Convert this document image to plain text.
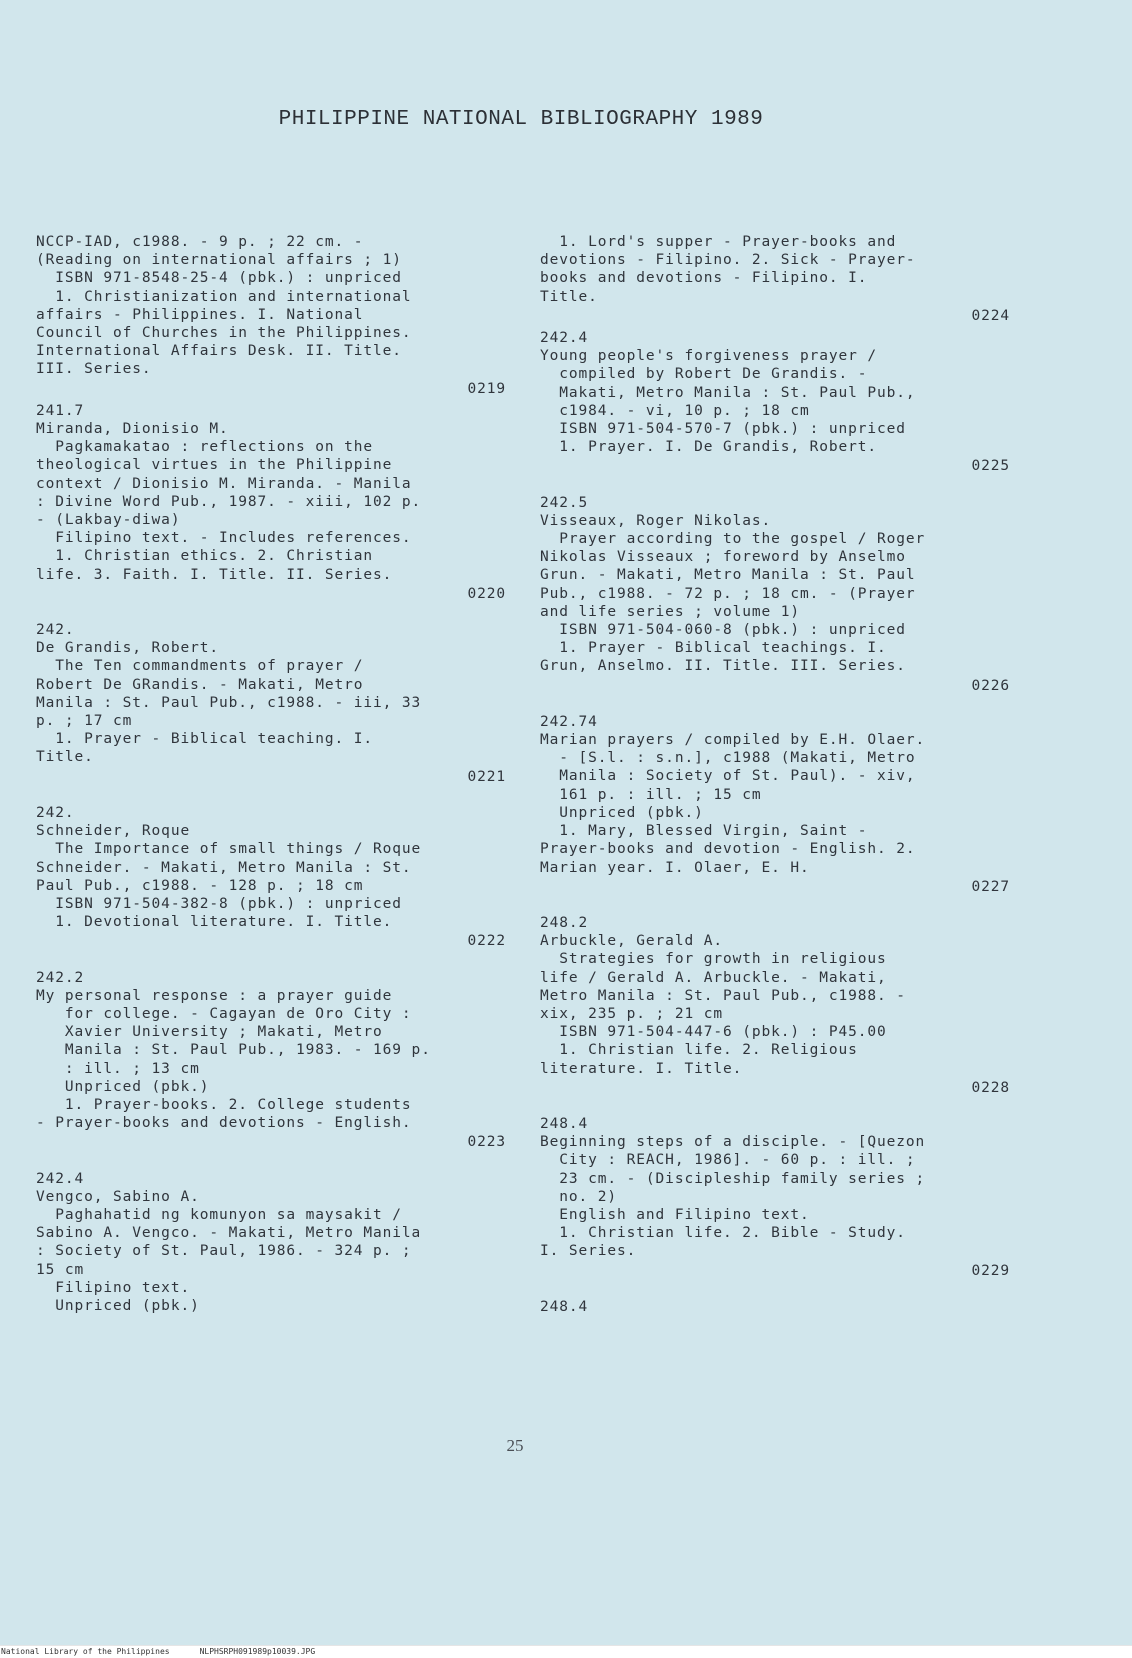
PHILIPPINE NATIONAL BIBLIOGRAPHY 1989
NCCP-IAD, c1988. - 9 p. ; 22 cm. -
(Reading on international affairs ; 1)
ISBN 971-8548-25-4 (pbk.) : unpriced
1. Christianization and international
affairs - Philippines. I. National
Council of Churches in the Philippines.
International Affairs Desk. II. Title.
III. Series.
0219
241.7
Miranda, Dionisio M.
Pagkamakatao : reflections on the
theological virtues in the Philippine
context / Dionisio M. Miranda. - Manila
: Divine Word Pub., 1987. - xiii, 102 p.
- (Lakbay-diwa)
Filipino text. - Includes references.
1. Christian ethics. 2. Christian
life. 3. Faith. I. Title. II. Series.
0220
242.
De Grandis, Robert.
The Ten commandments of prayer /
Robert De GRandis. - Makati, Metro
Manila : St. Paul Pub., c1988. - iii, 33
p. ; 17 cm
1. Prayer - Biblical teaching. I.
Title.
0221
242.
Schneider, Roque
The Importance of small things / Roque
Schneider. - Makati, Metro Manila : St.
Paul Pub., c1988. - 128 p. ; 18 cm
ISBN 971-504-382-8 (pbk.) : unpriced
1. Devotional literature. I. Title.
0222
242.2
My personal response : a prayer guide
for college. - Cagayan de Oro City :
Xavier University ; Makati, Metro
Manila : St. Paul Pub., 1983. - 169 p.
: ill. ; 13 cm
Unpriced (pbk.)
1. Prayer-books. 2. College students
- Prayer-books and devotions - English.
0223
242.4
Vengco, Sabino A.
Paghahatid ng komunyon sa maysakit /
Sabino A. Vengco. - Makati, Metro Manila
: Society of St. Paul, 1986. - 324 p. ;
15 cm
Filipino text.
Unpriced (pbk.)
1. Lord's supper - Prayer-books and
devotions - Filipino. 2. Sick - Prayer-
books and devotions - Filipino. I.
Title.
0224
242.4
Young people's forgiveness prayer /
compiled by Robert De Grandis. -
Makati, Metro Manila : St. Paul Pub.,
c1984. - vi, 10 p. ; 18 cm
ISBN 971-504-570-7 (pbk.) : unpriced
1. Prayer. I. De Grandis, Robert.
0225
242.5
Visseaux, Roger Nikolas.
Prayer according to the gospel / Roger
Nikolas Visseaux ; foreword by Anselmo
Grun. - Makati, Metro Manila : St. Paul
Pub., c1988. - 72 p. ; 18 cm. - (Prayer
and life series ; volume 1)
ISBN 971-504-060-8 (pbk.) : unpriced
1. Prayer - Biblical teachings. I.
Grun, Anselmo. II. Title. III. Series.
0226
242.74
Marian prayers / compiled by E.H. Olaer.
- [S.l. : s.n.], c1988 (Makati, Metro
Manila : Society of St. Paul). - xiv,
161 p. : ill. ; 15 cm
Unpriced (pbk.)
1. Mary, Blessed Virgin, Saint -
Prayer-books and devotion - English. 2.
Marian year. I. Olaer, E. H.
0227
248.2
Arbuckle, Gerald A.
Strategies for growth in religious
life / Gerald A. Arbuckle. - Makati,
Metro Manila : St. Paul Pub., c1988. -
xix, 235 p. ; 21 cm
ISBN 971-504-447-6 (pbk.) : P45.00
1. Christian life. 2. Religious
literature. I. Title.
0228
248.4
Beginning steps of a disciple. - [Quezon
City : REACH, 1986]. - 60 p. : ill. ;
23 cm. - (Discipleship family series ;
no. 2)
English and Filipino text.
1. Christian life. 2. Bible - Study.
I. Series.
0229
248.4
25
National Library of the Philippines	NLPHSRPH091989p10039.JPG
